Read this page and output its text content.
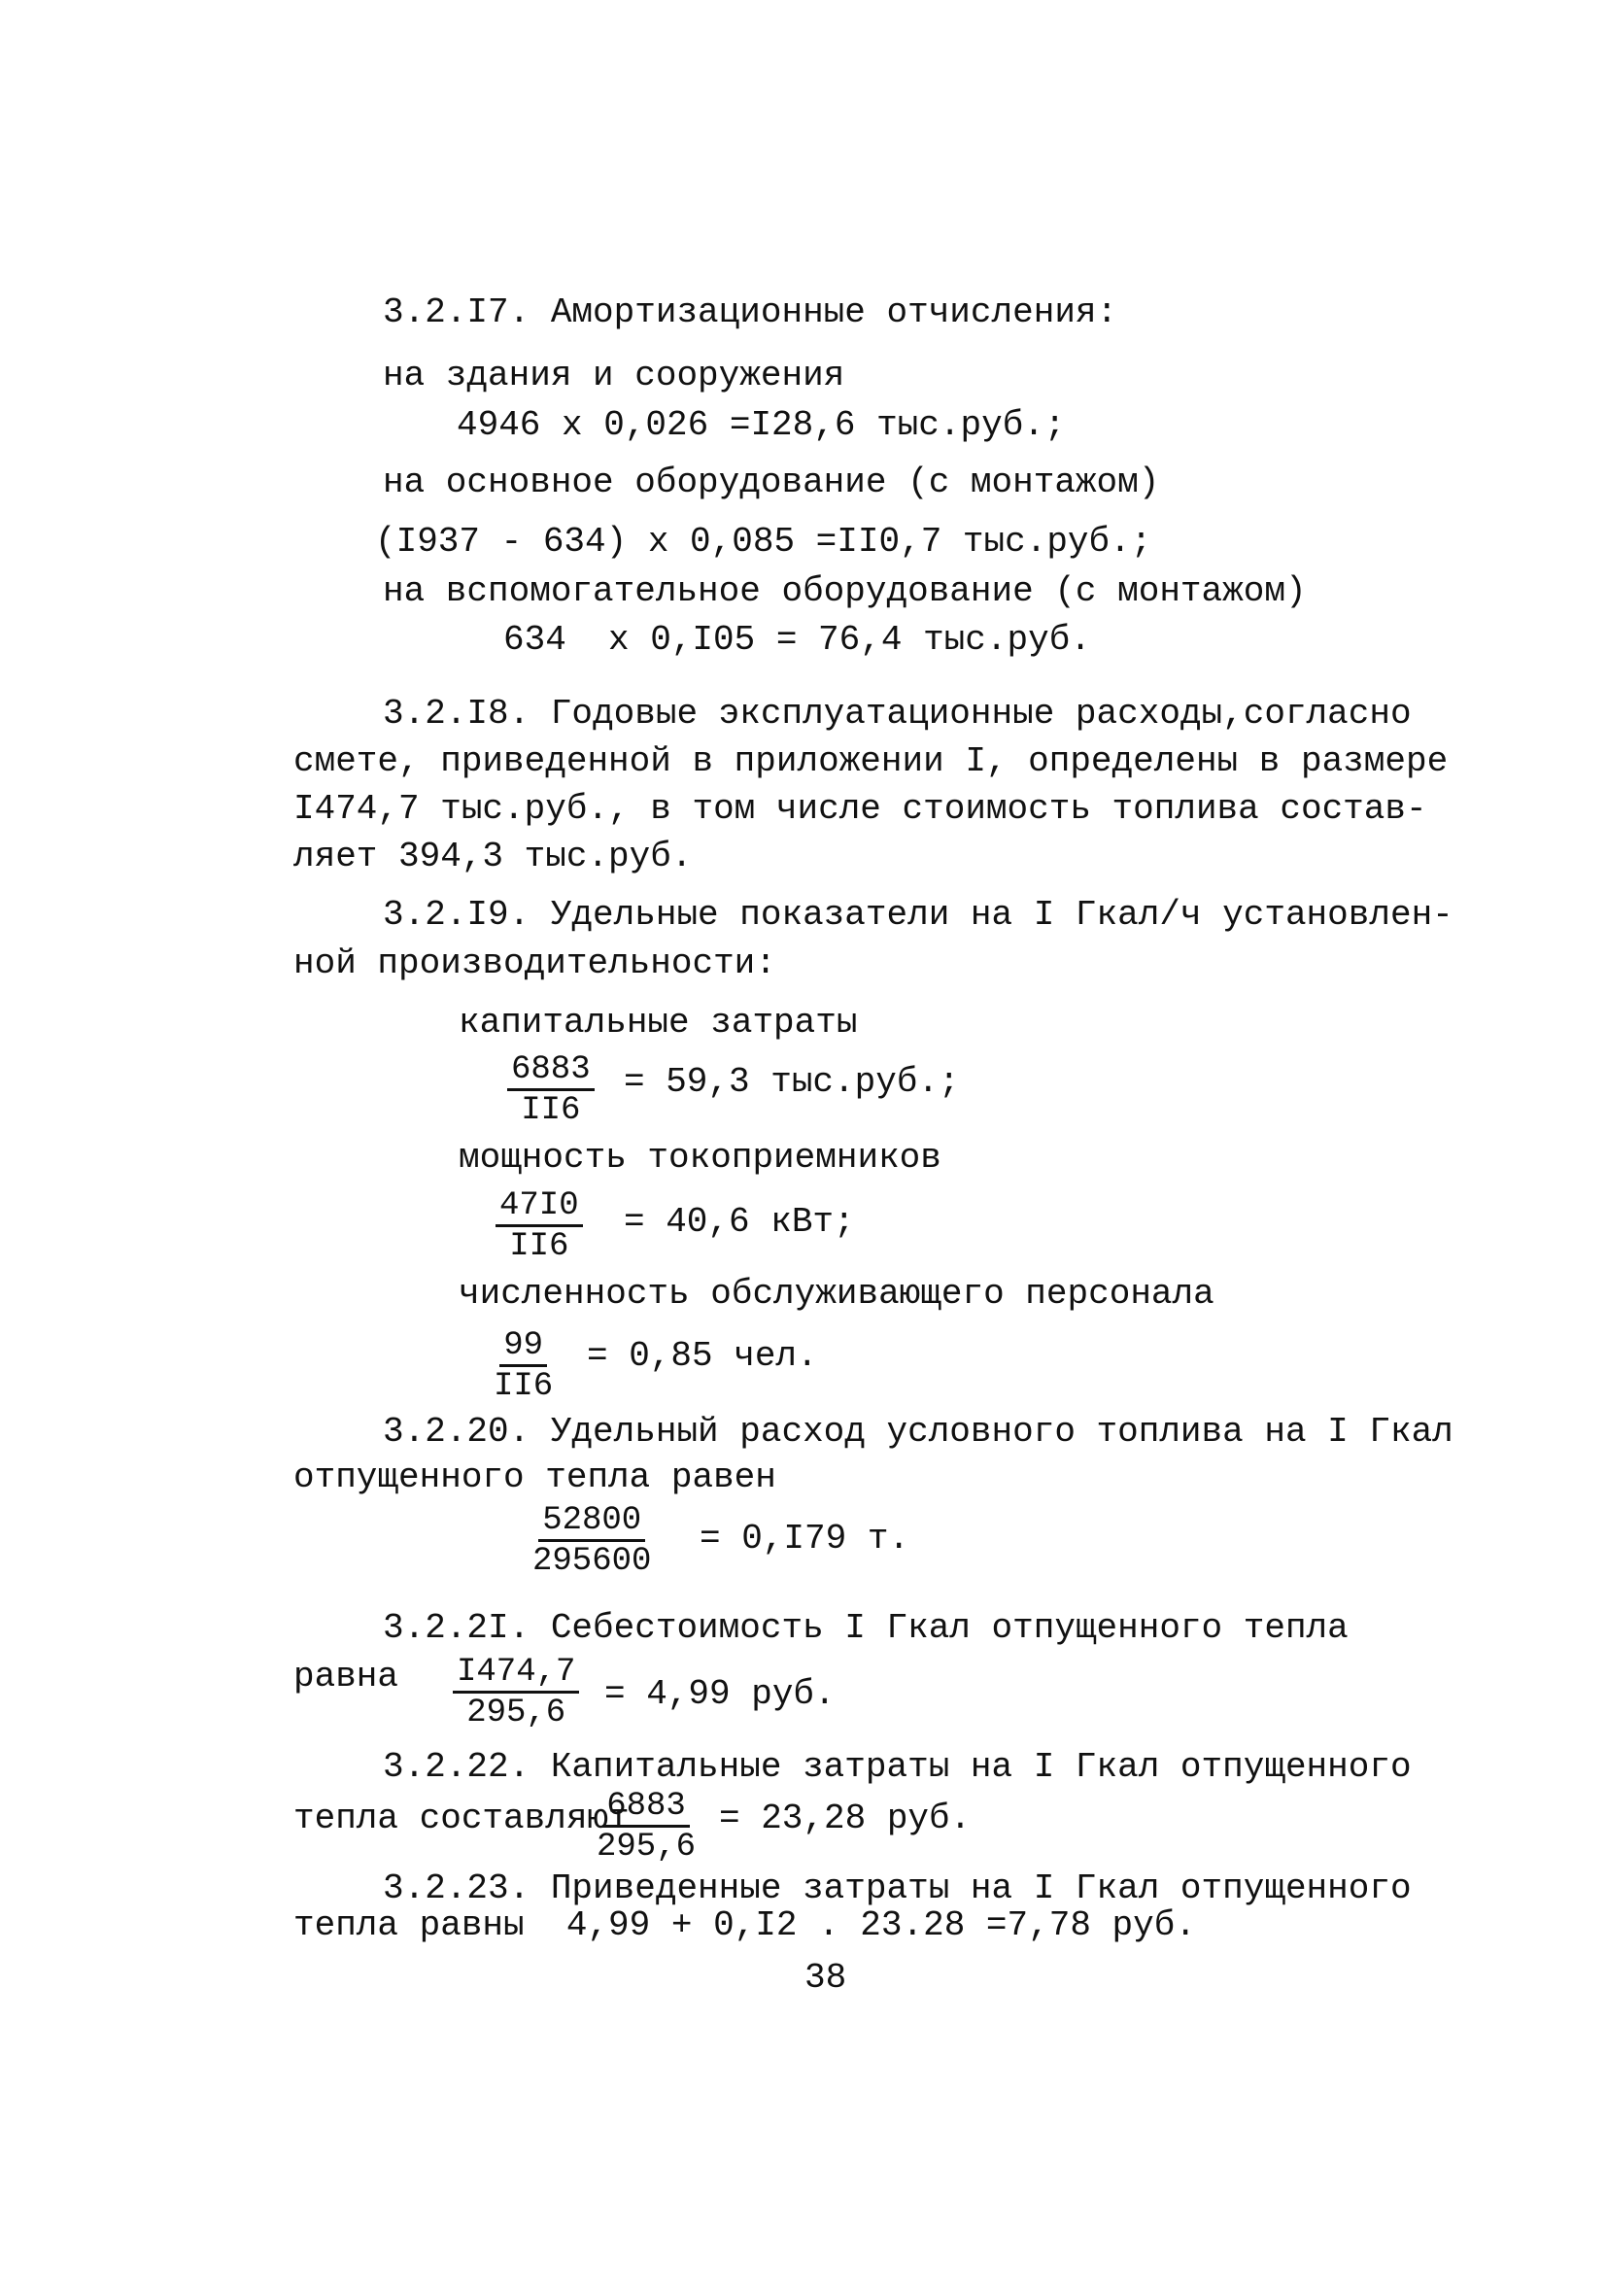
3.2.I7. Амортизационные отчисления:
на здания и сооружения
4946 x 0,026 =I28,6 тыс.руб.;
на основное оборудование (с монтажом)
(I937 - 634) x 0,085 =II0,7 тыс.руб.;
на вспомогательное оборудование (с монтажом)
634  x 0,I05 = 76,4 тыс.руб.
3.2.I8. Годовые эксплуатационные расходы,согласно
смете, приведенной в приложении I, определены в размере
I474,7 тыс.руб., в том числе стоимость топлива состав-
ляет 394,3 тыс.руб.
3.2.I9. Удельные показатели на I Гкал/ч установлен-
ной производительности:
капитальные затраты
$\frac{6883}{II6} = 59,3$ тыс.руб.;
мощность токоприемников
$\frac{47I0}{II6} = 40,6$ кВт;
численность обслуживающего персонала
$\frac{99}{II6} = 0,85$ чел.
3.2.20. Удельный расход условного топлива на I Гкал
отпущенного тепла равен
$\frac{52800}{295600} = 0,I79$ т.
3.2.2I. Себестоимость I Гкал отпущенного тепла
равна $\frac{I474,7}{295,6} = 4,99$ руб.
3.2.22. Капитальные затраты на I Гкал отпущенного
тепла составляют
$\frac{6883}{295,6} = 23,28$ руб.
3.2.23. Приведенные затраты на I Гкал отпущенного
тепла равны  4,99 + 0,I2 . 23.28 =7,78 руб.
38
